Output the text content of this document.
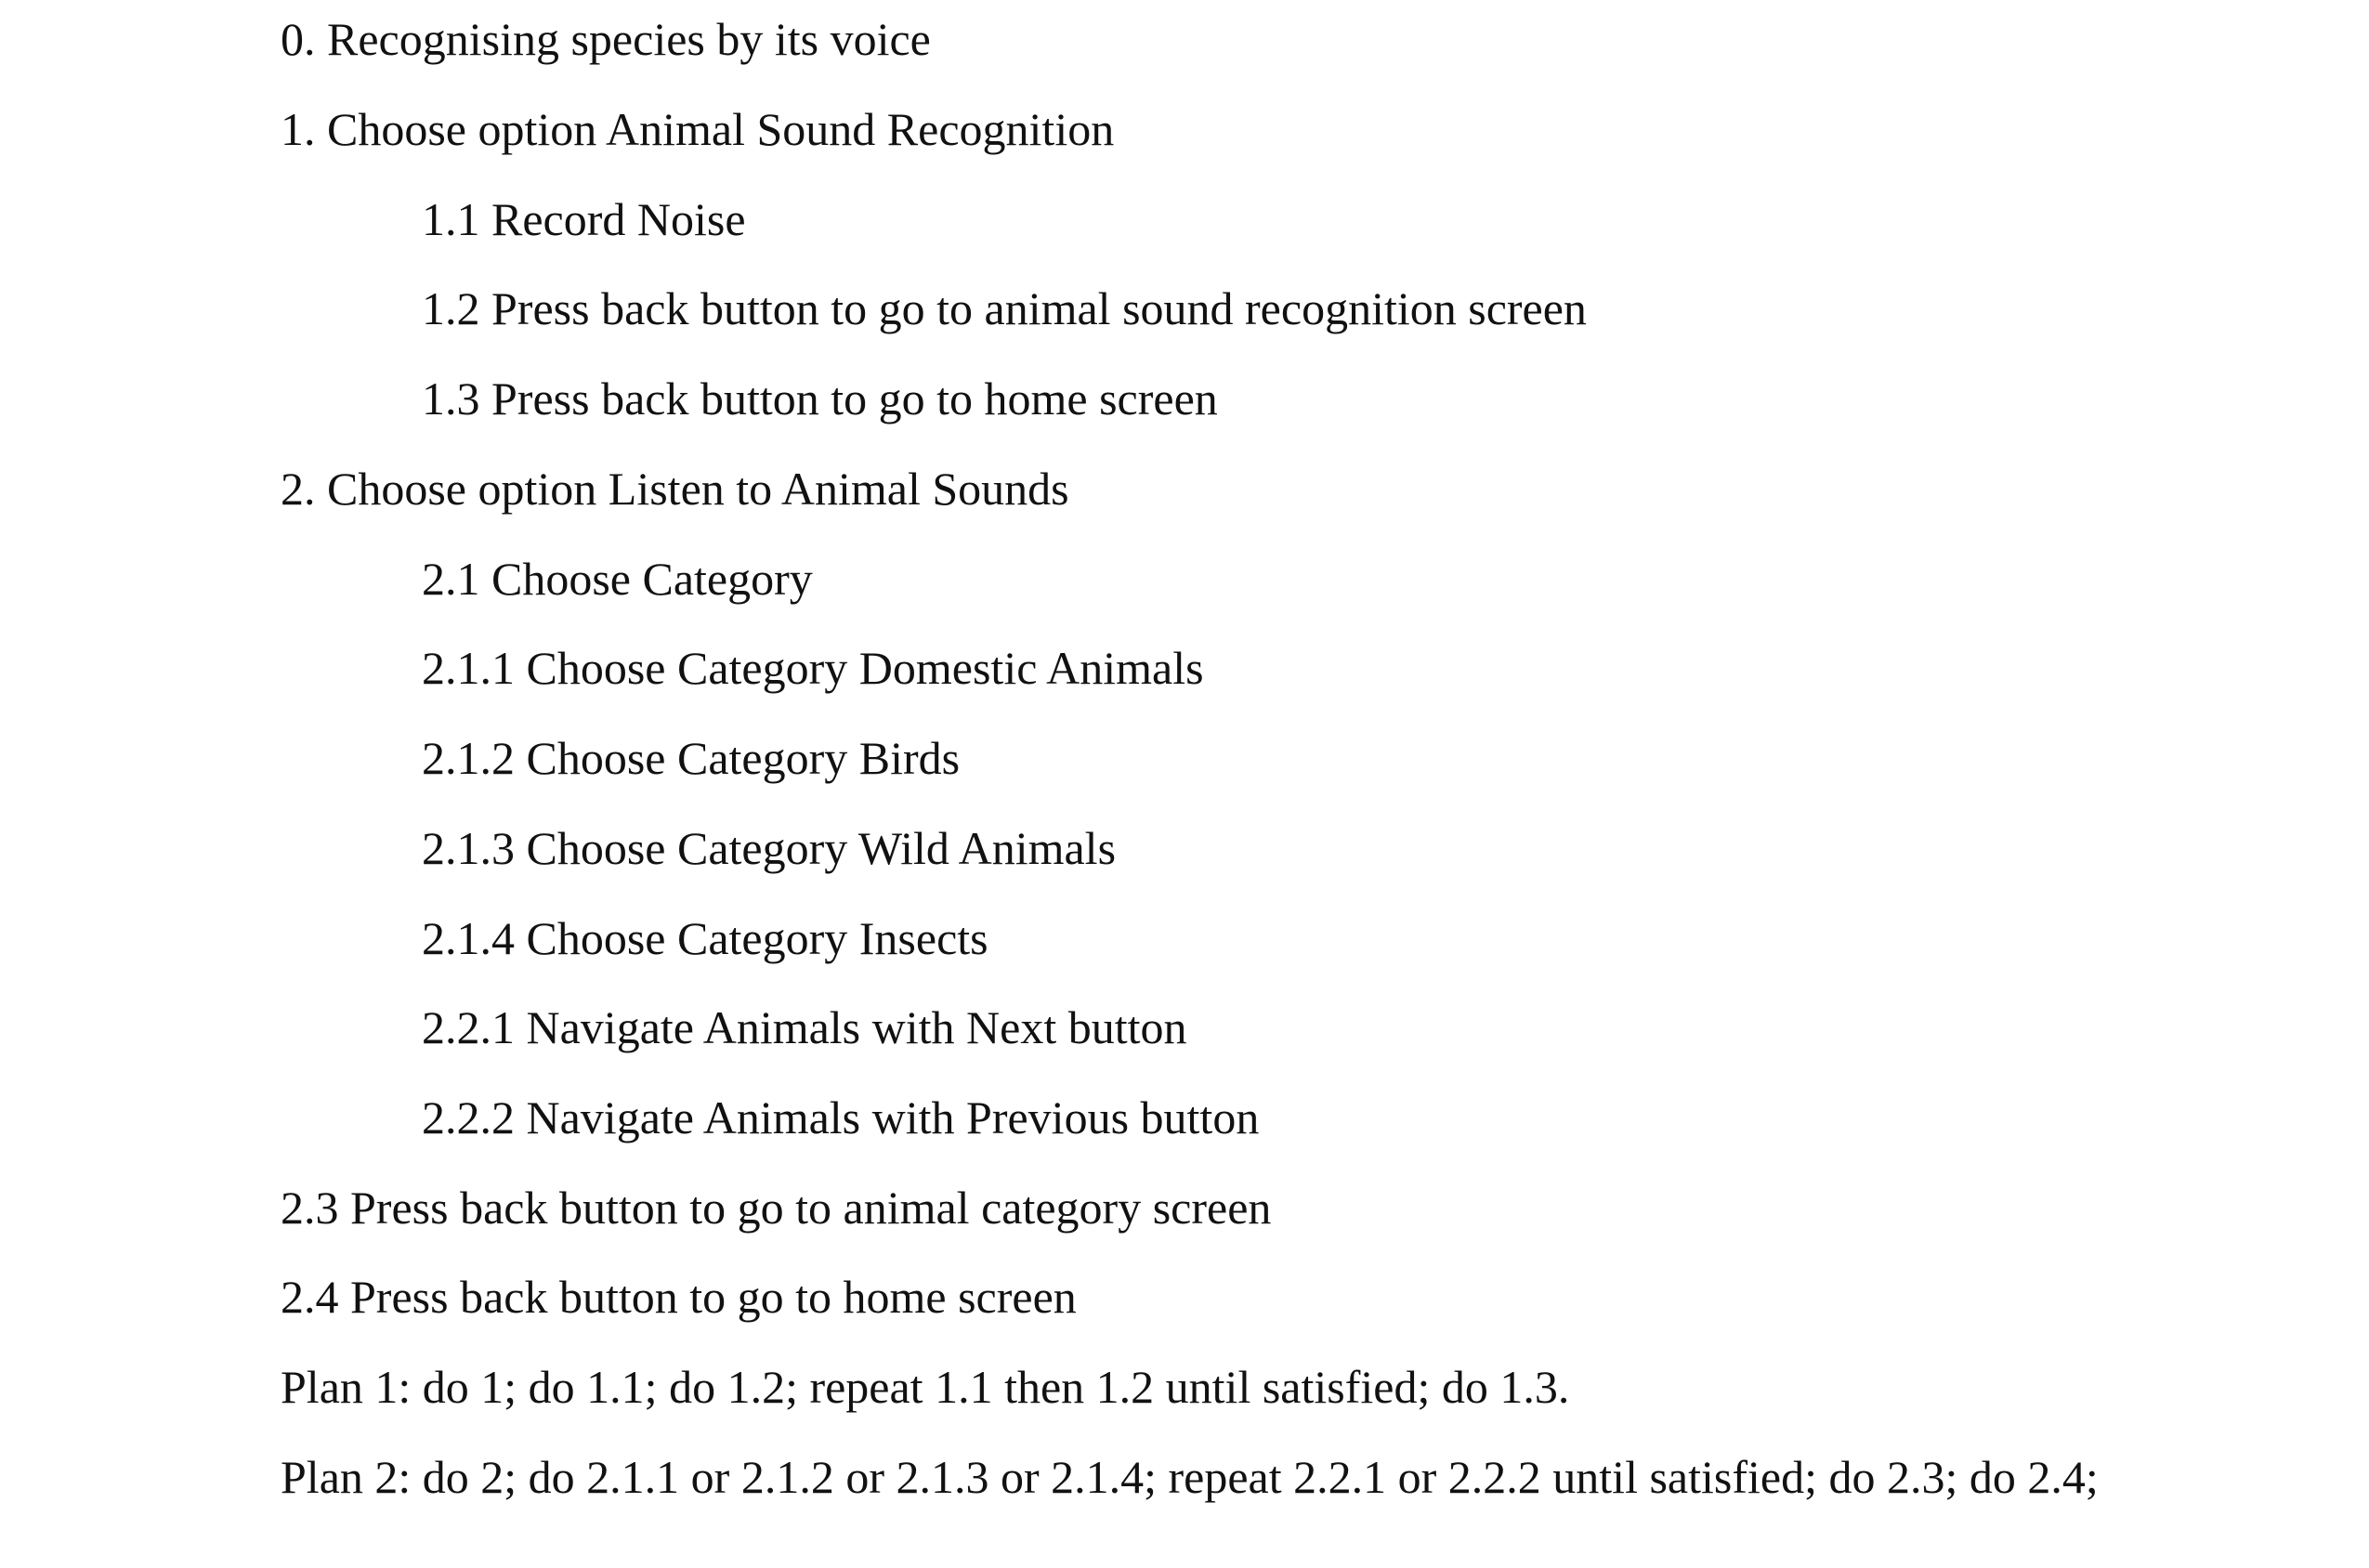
0. Recognising species by its voice

1. Choose option Animal Sound Recognition

1.1 Record Noise

1.2 Press back button to go to animal sound recognition screen

1.3 Press back button to go to home screen

2. Choose option Listen to Animal Sounds

2.1 Choose Category

2.1.1 Choose Category Domestic Animals

2.1.2 Choose Category Birds

2.1.3 Choose Category Wild Animals

2.1.4 Choose Category Insects

2.2.1 Navigate Animals with Next button

2.2.2 Navigate Animals with Previous button

2.3 Press back button to go to animal category screen

2.4 Press back button to go to home screen

Plan 1: do 1; do 1.1; do 1.2; repeat 1.1 then 1.2 until satisfied; do 1.3.

Plan 2: do 2; do 2.1.1 or 2.1.2 or 2.1.3 or 2.1.4; repeat 2.2.1 or 2.2.2 until satisfied; do 2.3; do 2.4;
